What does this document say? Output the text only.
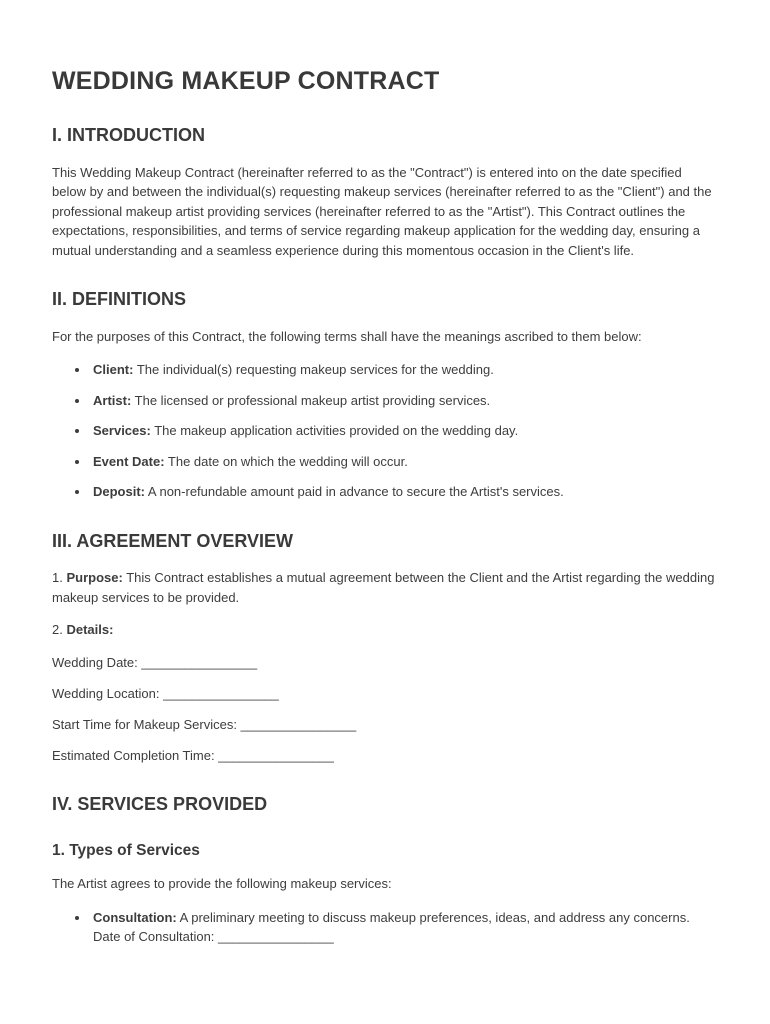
WEDDING MAKEUP CONTRACT
I. INTRODUCTION

This Wedding Makeup Contract (hereinafter referred to as the "Contract") is entered into on the date specified below by and between the individual(s) requesting makeup services (hereinafter referred to as the "Client") and the professional makeup artist providing services (hereinafter referred to as the "Artist"). This Contract outlines the expectations, responsibilities, and terms of service regarding makeup application for the wedding day, ensuring a mutual understanding and a seamless experience during this momentous occasion in the Client's life.

II. DEFINITIONS

For the purposes of this Contract, the following terms shall have the meanings ascribed to them below:

• Client: The individual(s) requesting makeup services for the wedding.
• Artist: The licensed or professional makeup artist providing services.
• Services: The makeup application activities provided on the wedding day.
• Event Date: The date on which the wedding will occur.
• Deposit: A non-refundable amount paid in advance to secure the Artist's services.
III. AGREEMENT OVERVIEW

1. Purpose: This Contract establishes a mutual agreement between the Client and the Artist regarding the wedding makeup services to be provided.

2. Details:

Wedding Date: ________________

Wedding Location: ________________

Start Time for Makeup Services: ________________

Estimated Completion Time: ________________

IV. SERVICES PROVIDED
1. Types of Services

The Artist agrees to provide the following makeup services:

• Consultation: A preliminary meeting to discuss makeup preferences, ideas, and address any concerns. Date of Consultation: ________________
